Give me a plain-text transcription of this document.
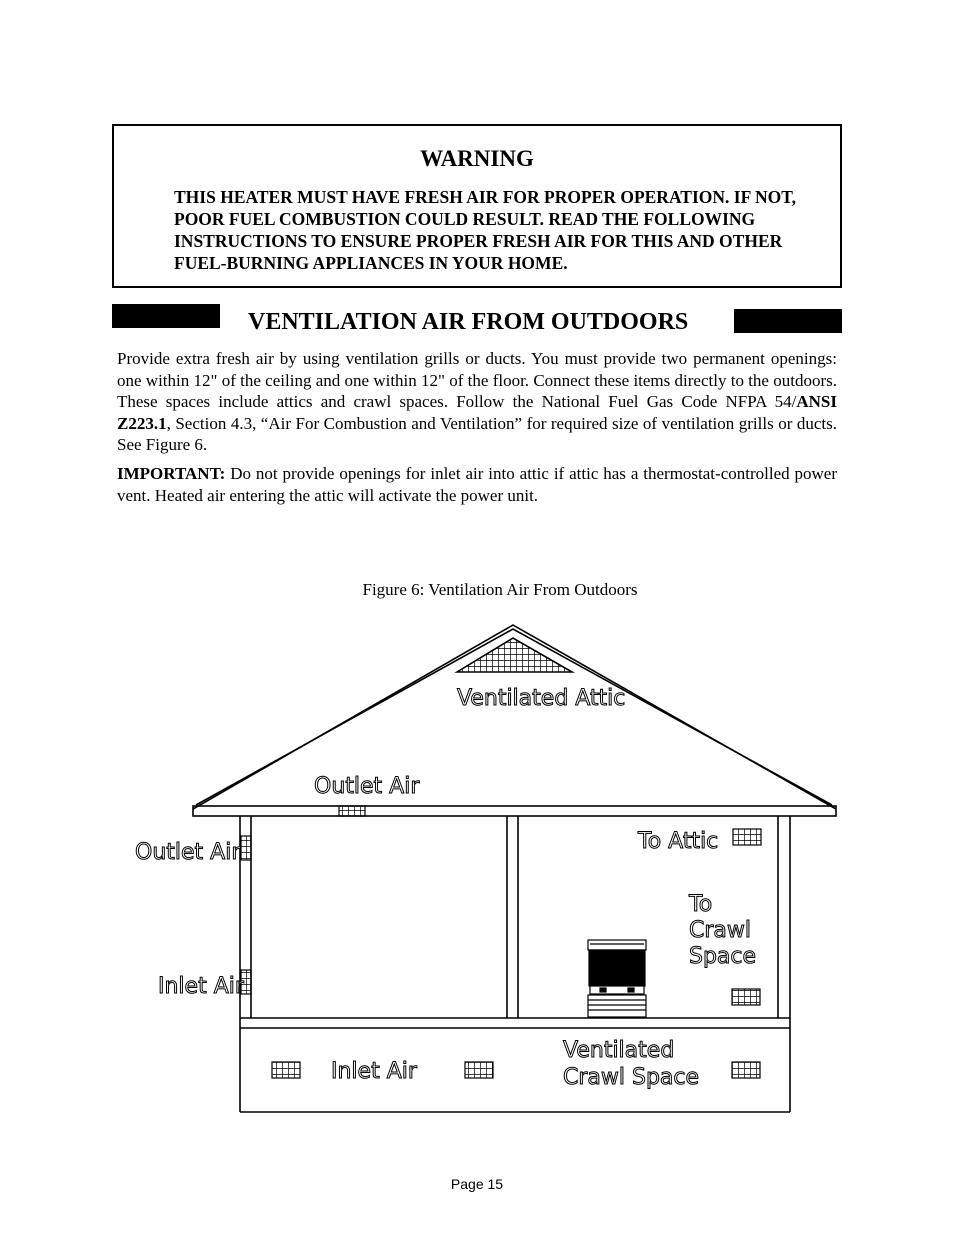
WARNING
THIS HEATER MUST HAVE FRESH AIR FOR PROPER OPERATION. IF NOT, POOR FUEL COMBUSTION COULD RESULT. READ THE FOLLOWING INSTRUCTIONS TO ENSURE PROPER FRESH AIR FOR THIS AND OTHER FUEL-BURNING APPLIANCES IN YOUR HOME.
VENTILATION AIR FROM OUTDOORS

Provide extra fresh air by using ventilation grills or ducts. You must provide two permanent openings: one within 12" of the ceiling and one within 12" of the floor. Connect these items directly to the outdoors. These spaces include attics and crawl spaces. Follow the National Fuel Gas Code NFPA 54/ANSI Z223.1, Section 4.3, “Air For Combustion and Ventilation” for required size of ventilation grills or ducts. See Figure 6.

IMPORTANT: Do not provide openings for inlet air into attic if attic has a thermostat-controlled power vent. Heated air entering the attic will activate the power unit.

Figure 6: Ventilation Air From Outdoors
Ventilated Attic
Outlet Air
Outlet Air
Inlet Air
To Attic
To
Crawl
Space
Inlet Air
Ventilated
Crawl Space
Page 15
